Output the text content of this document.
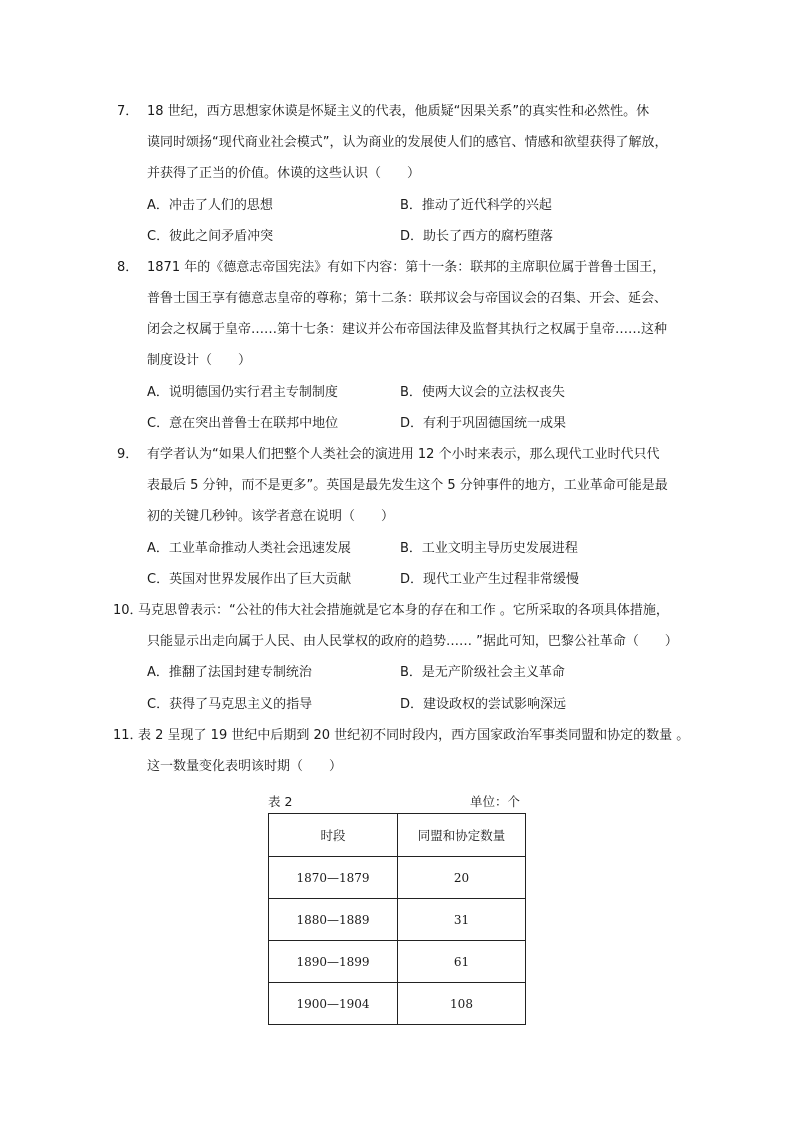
7． 18 世纪，西方思想家休谟是怀疑主义的代表，他质疑“因果关系”的真实性和必然性。休
谟同时颂扬“现代商业社会模式”，认为商业的发展使人们的感官、情感和欲望获得了解放，
并获得了正当的价值。休谟的这些认识（　　）
A．冲击了人们的思想	B．推动了近代科学的兴起
C．彼此之间矛盾冲突	D．助长了西方的腐朽堕落
8． 1871 年的《德意志帝国宪法》有如下内容：第十一条：联邦的主席职位属于普鲁士国王，
普鲁士国王享有德意志皇帝的尊称；第十二条：联邦议会与帝国议会的召集、开会、延会、
闭会之权属于皇帝……第十七条：建议并公布帝国法律及监督其执行之权属于皇帝……这种
制度设计（　　）
A．说明德国仍实行君主专制制度	B．使两大议会的立法权丧失
C．意在突出普鲁士在联邦中地位	D．有利于巩固德国统一成果
9． 有学者认为“如果人们把整个人类社会的演进用 12 个小时来表示，那么现代工业时代只代
表最后 5 分钟，而不是更多”。英国是最先发生这个 5 分钟事件的地方，工业革命可能是最
初的关键几秒钟。该学者意在说明（　　）
A．工业革命推动人类社会迅速发展	B．工业文明主导历史发展进程
C．英国对世界发展作出了巨大贡献	D．现代工业产生过程非常缓慢
10．
马克思曾表示：“公社的伟大社会措施就是它本身的存在和工作 。它所采取的各项具体措施，
只能显示出走向属于人民、由人民掌权的政府的趋势…… ”据此可知，巴黎公社革命（　　）
A．推翻了法国封建专制统治	B．是无产阶级社会主义革命
C．获得了马克思主义的指导	D．建设政权的尝试影响深远
11．
表 2 呈现了 19 世纪中后期到 20 世纪初不同时段内，西方国家政治军事类同盟和协定的数量 。
这一数量变化表明该时期（　　）
表 2	单位：个
时段	同盟和协定数量
1870—1879	20
1880—1889	31
1890—1899	61
1900—1904	108
